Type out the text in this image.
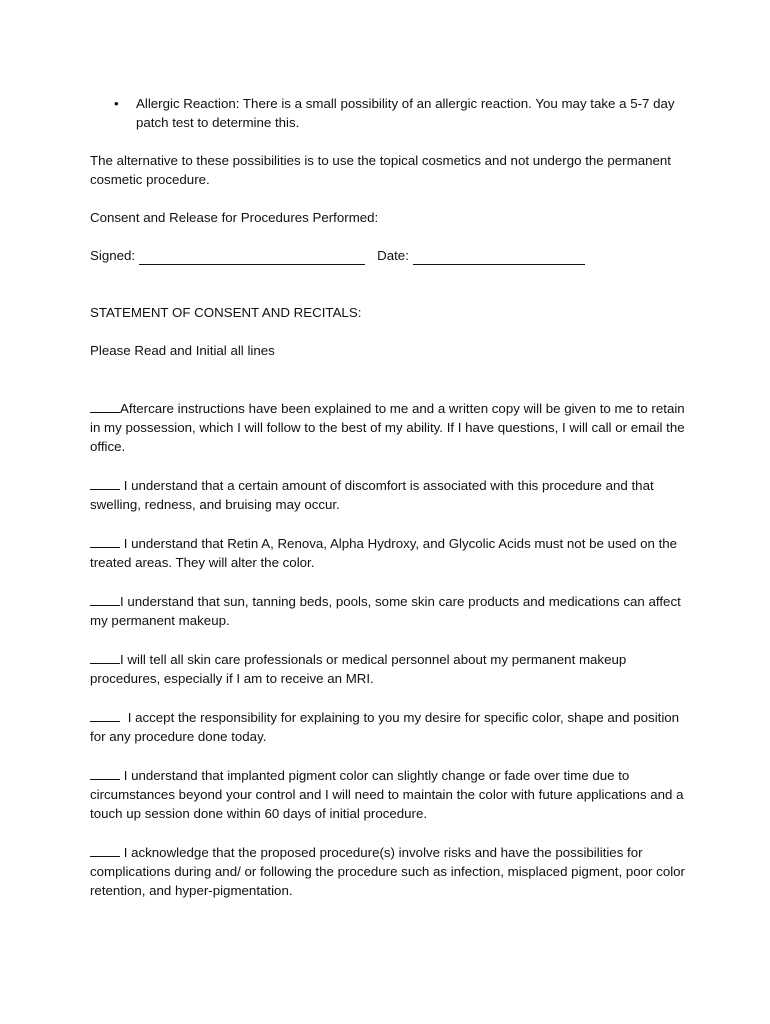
• Allergic Reaction: There is a small possibility of an allergic reaction. You may take a 5-7 day patch test to determine this.

The alternative to these possibilities is to use the topical cosmetics and not undergo the permanent cosmetic procedure.

Consent and Release for Procedures Performed:

Signed:	Date:

STATEMENT OF CONSENT AND RECITALS:

Please Read and Initial all lines

Aftercare instructions have been explained to me and a written copy will be given to me to retain in my possession, which I will follow to the best of my ability. If I have questions, I will call or email the office.

I understand that a certain amount of discomfort is associated with this procedure and that swelling, redness, and bruising may occur.

I understand that Retin A, Renova, Alpha Hydroxy, and Glycolic Acids must not be used on the treated areas. They will alter the color.

I understand that sun, tanning beds, pools, some skin care products and medications can affect my permanent makeup.

I will tell all skin care professionals or medical personnel about my permanent makeup procedures, especially if I am to receive an MRI.

I accept the responsibility for explaining to you my desire for specific color, shape and position for any procedure done today.

I understand that implanted pigment color can slightly change or fade over time due to circumstances beyond your control and I will need to maintain the color with future applications and a touch up session done within 60 days of initial procedure.

I acknowledge that the proposed procedure(s) involve risks and have the possibilities for complications during and/ or following the procedure such as infection, misplaced pigment, poor color retention, and hyper-pigmentation.
